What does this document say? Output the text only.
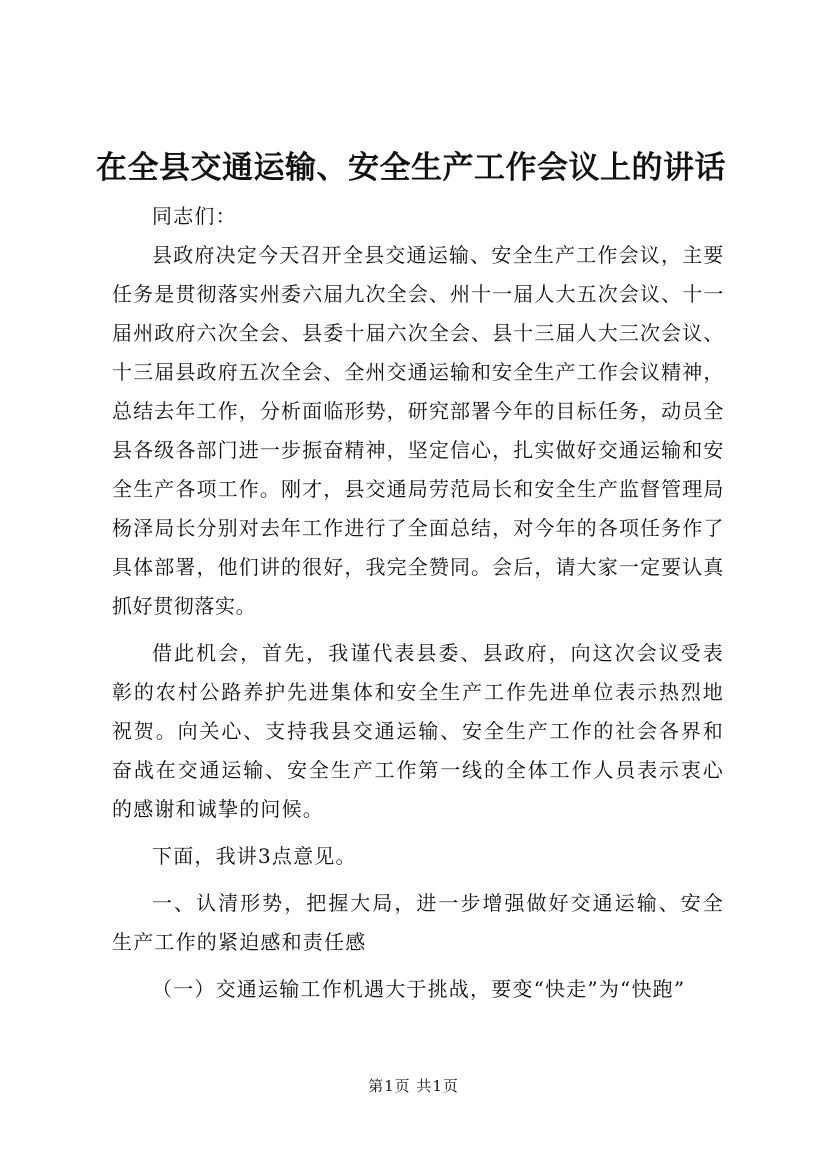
在全县交通运输、安全生产工作会议上的讲话

同志们：

县政府决定今天召开全县交通运输、安全生产工作会议，主要任务是贯彻落实州委六届九次全会、州十一届人大五次会议、十一届州政府六次全会、县委十届六次全会、县十三届人大三次会议、十三届县政府五次全会、全州交通运输和安全生产工作会议精神，总结去年工作，分析面临形势，研究部署今年的目标任务，动员全县各级各部门进一步振奋精神，坚定信心，扎实做好交通运输和安全生产各项工作。刚才，县交通局劳范局长和安全生产监督管理局杨泽局长分别对去年工作进行了全面总结，对今年的各项任务作了具体部署，他们讲的很好，我完全赞同。会后，请大家一定要认真抓好贯彻落实。

借此机会，首先，我谨代表县委、县政府，向这次会议受表彰的农村公路养护先进集体和安全生产工作先进单位表示热烈地祝贺。向关心、支持我县交通运输、安全生产工作的社会各界和奋战在交通运输、安全生产工作第一线的全体工作人员表示衷心的感谢和诚挚的问候。

下面，我讲3点意见。

一、认清形势，把握大局，进一步增强做好交通运输、安全生产工作的紧迫感和责任感

（一）交通运输工作机遇大于挑战，要变“快走”为“快跑”

第1页 共1页
